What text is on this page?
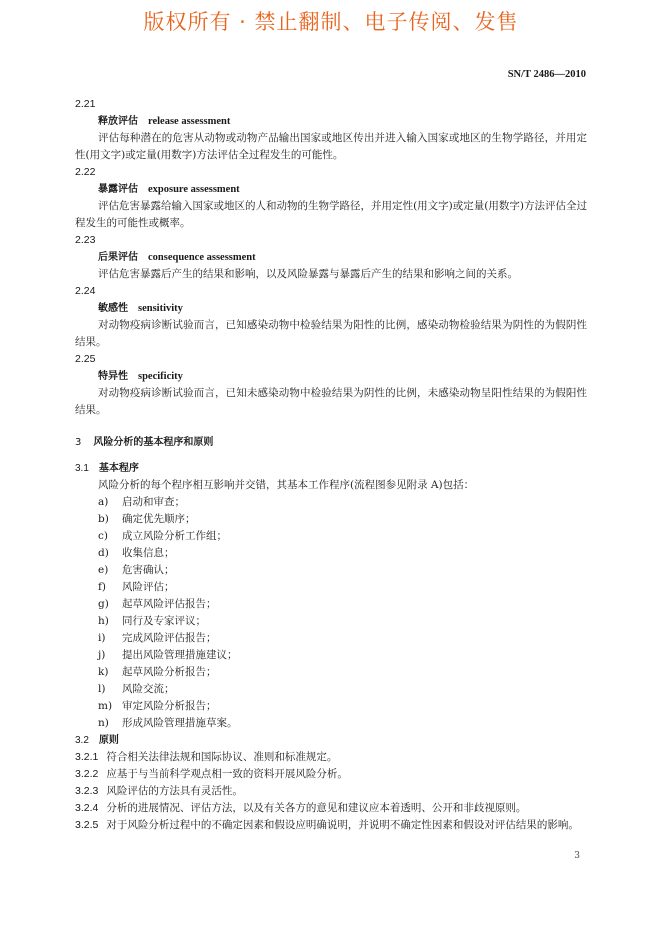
版权所有 · 禁止翻制、电子传阅、发售
SN/T 2486—2010
2.21
释放评估 release assessment
评估每种潜在的危害从动物或动物产品输出国家或地区传出并进入输入国家或地区的生物学路径，并用定性(用文字)或定量(用数字)方法评估全过程发生的可能性。
2.22
暴露评估 exposure assessment
评估危害暴露给输入国家或地区的人和动物的生物学路径，并用定性(用文字)或定量(用数字)方法评估全过程发生的可能性或概率。
2.23
后果评估 consequence assessment
评估危害暴露后产生的结果和影响，以及风险暴露与暴露后产生的结果和影响之间的关系。
2.24
敏感性 sensitivity
对动物疫病诊断试验而言，已知感染动物中检验结果为阳性的比例，感染动物检验结果为阴性的为假阴性结果。
2.25
特异性 specificity
对动物疫病诊断试验而言，已知未感染动物中检验结果为阴性的比例，未感染动物呈阳性结果的为假阳性结果。
3 风险分析的基本程序和原则
3.1 基本程序
风险分析的每个程序相互影响并交错，其基本工作程序(流程图参见附录 A)包括：
a) 启动和审查；
b) 确定优先顺序；
c) 成立风险分析工作组；
d) 收集信息；
e) 危害确认；
f) 风险评估；
g) 起草风险评估报告；
h) 同行及专家评议；
i) 完成风险评估报告；
j) 提出风险管理措施建议；
k) 起草风险分析报告；
l) 风险交流；
m) 审定风险分析报告；
n) 形成风险管理措施草案。
3.2 原则
3.2.1 符合相关法律法规和国际协议、准则和标准规定。
3.2.2 应基于与当前科学观点相一致的资料开展风险分析。
3.2.3 风险评估的方法具有灵活性。
3.2.4 分析的进展情况、评估方法，以及有关各方的意见和建议应本着透明、公开和非歧视原则。
3.2.5 对于风险分析过程中的不确定因素和假设应明确说明，并说明不确定性因素和假设对评估结果的影响。
3
